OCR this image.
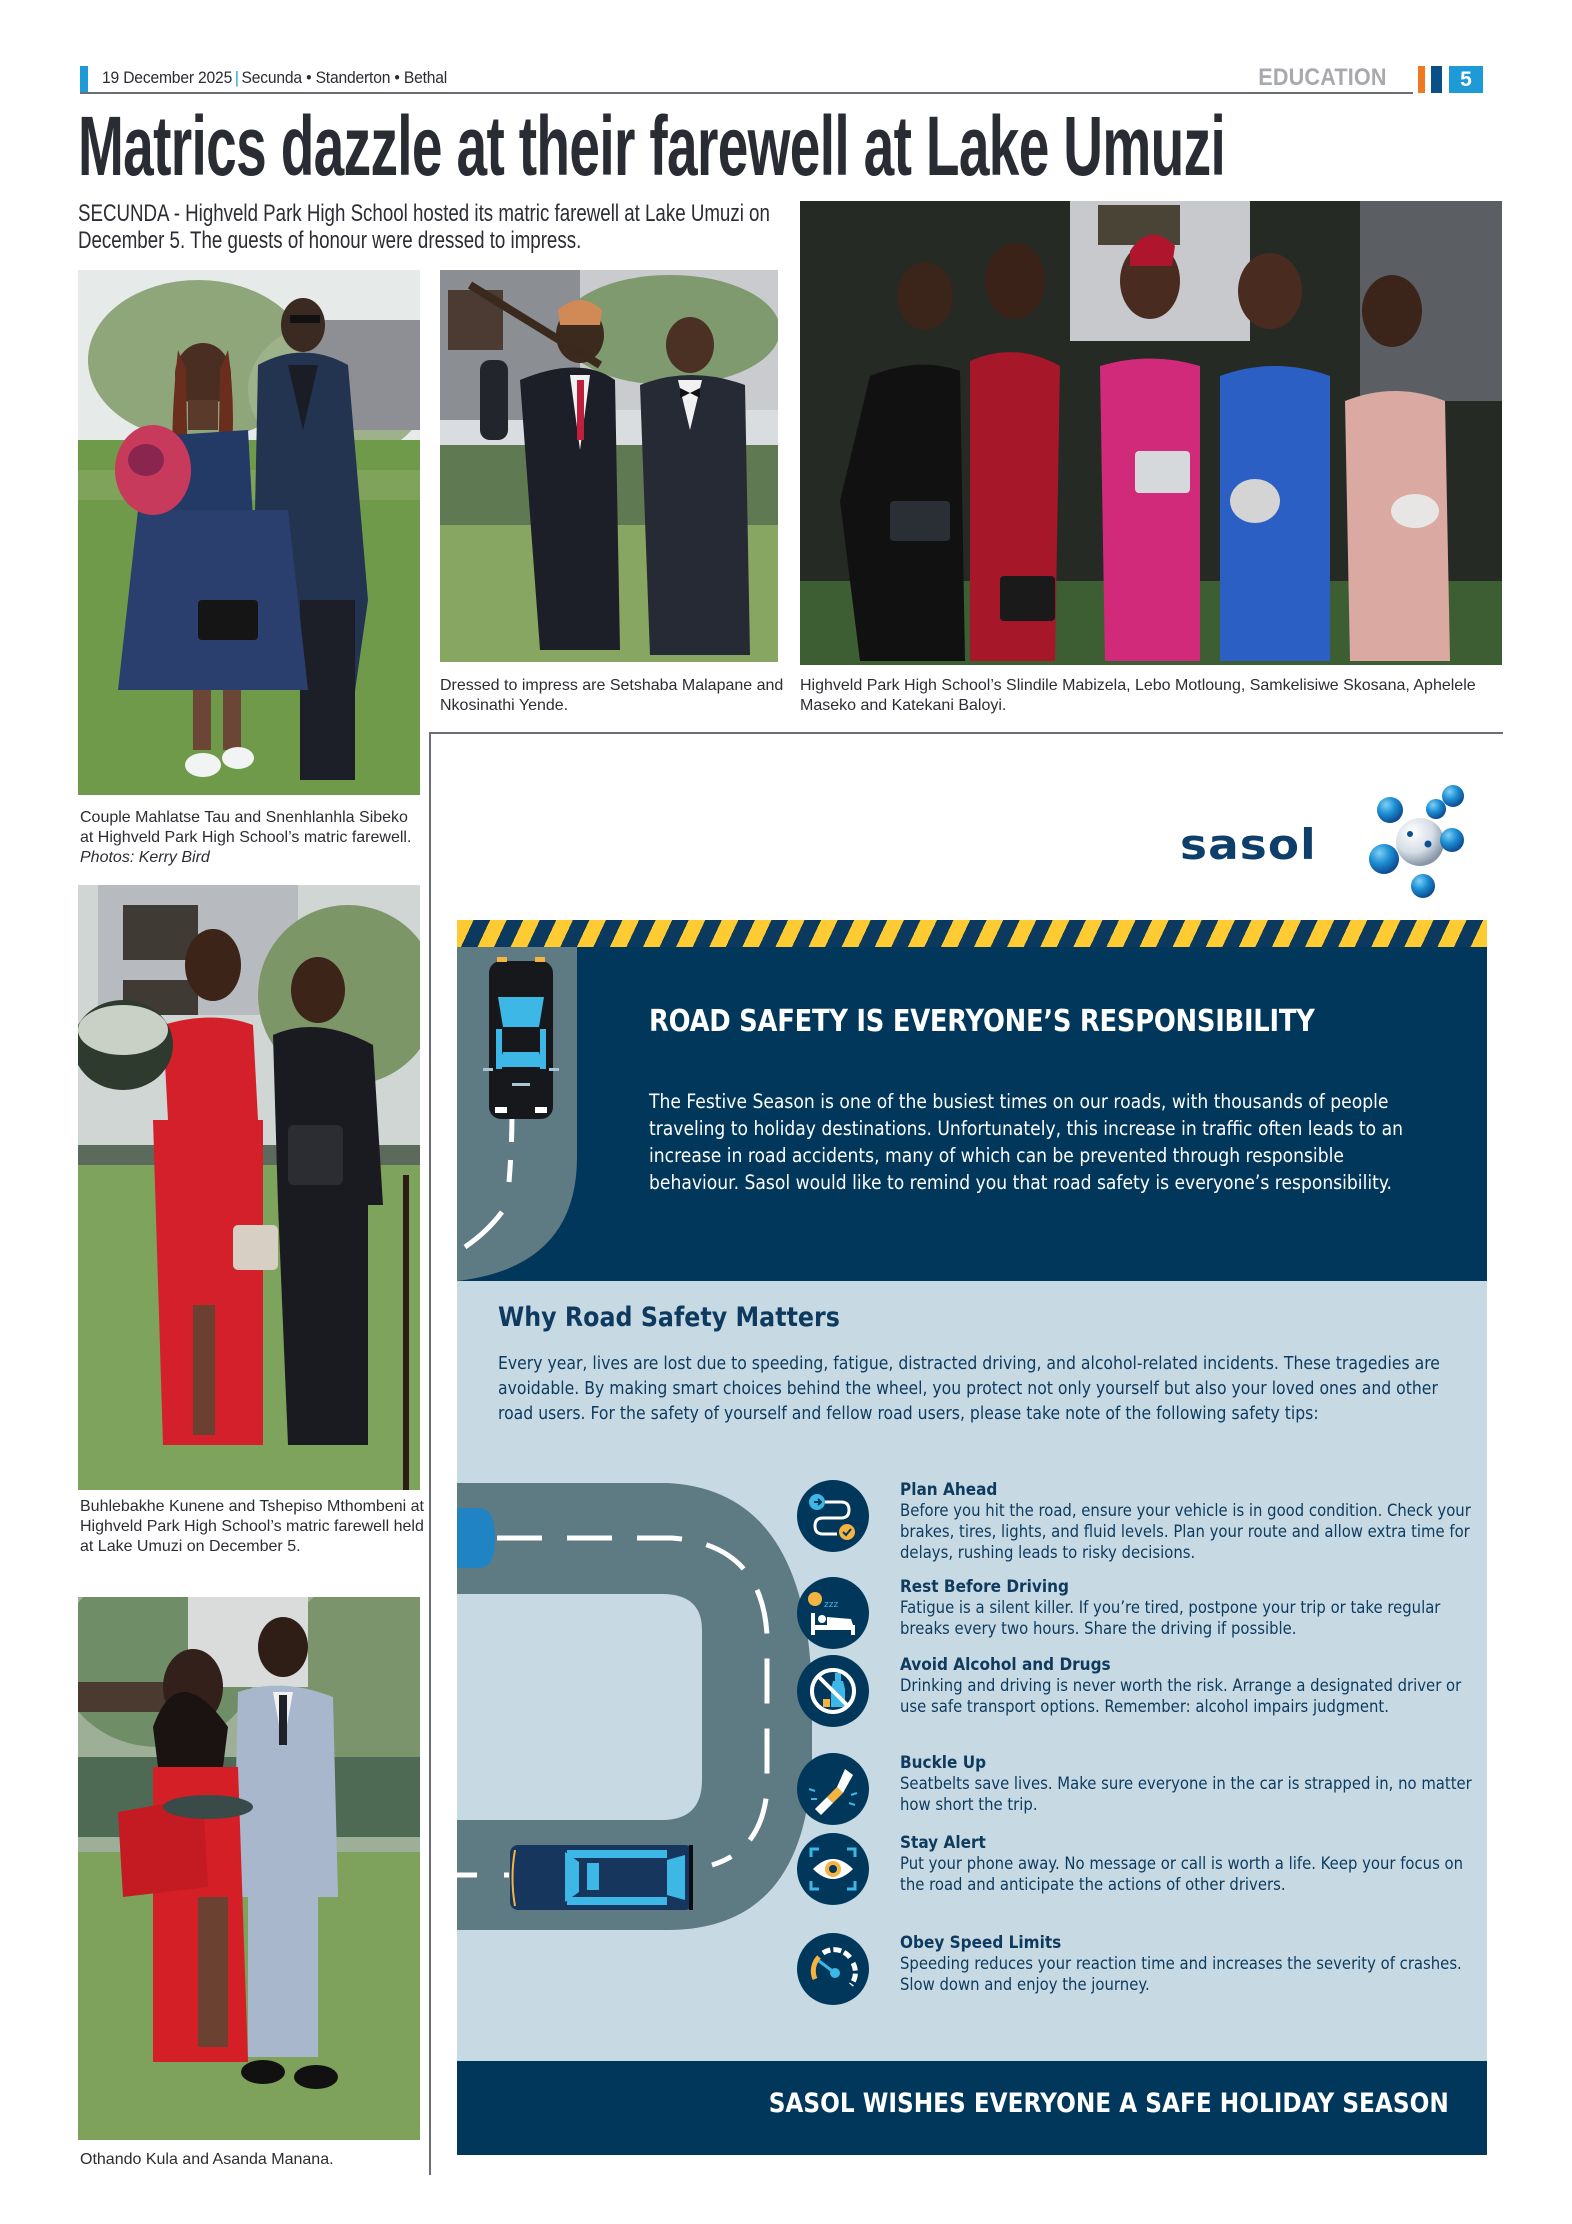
19 December 2025 | Secunda • Standerton • Bethal	EDUCATION	5
Matrics dazzle at their farewell at Lake Umuzi

SECUNDA - Highveld Park High School hosted its matric farewell at Lake Umuzi on December 5. The guests of honour were dressed to impress.

Couple Mahlatse Tau and Snenhlanhla Sibeko at Highveld Park High School’s matric farewell. Photos: Kerry Bird

Dressed to impress are Setshaba Malapane and Nkosinathi Yende.

Highveld Park High School’s Slindile Mabizela, Lebo Motloung, Samkelisiwe Skosana, Aphelele Maseko and Katekani Baloyi.

Buhlebakhe Kunene and Tshepiso Mthombeni at Highveld Park High School’s matric farewell held at Lake Umuzi on December 5.

Othando Kula and Asanda Manana.

sasol
ROAD SAFETY IS EVERYONE’S RESPONSIBILITY

The Festive Season is one of the busiest times on our roads, with thousands of people traveling to holiday destinations. Unfortunately, this increase in traffic often leads to an increase in road accidents, many of which can be prevented through responsible behaviour. Sasol would like to remind you that road safety is everyone’s responsibility.

Why Road Safety Matters

Every year, lives are lost due to speeding, fatigue, distracted driving, and alcohol-related incidents. These tragedies are avoidable. By making smart choices behind the wheel, you protect not only yourself but also your loved ones and other road users. For the safety of yourself and fellow road users, please take note of the following safety tips:

Plan Ahead
Before you hit the road, ensure your vehicle is in good condition. Check your brakes, tires, lights, and fluid levels. Plan your route and allow extra time for delays, rushing leads to risky decisions.
zzz
Rest Before Driving
Fatigue is a silent killer. If you’re tired, postpone your trip or take regular breaks every two hours. Share the driving if possible.
Avoid Alcohol and Drugs
Drinking and driving is never worth the risk. Arrange a designated driver or use safe transport options. Remember: alcohol impairs judgment.
Buckle Up
Seatbelts save lives. Make sure everyone in the car is strapped in, no matter how short the trip.
Stay Alert
Put your phone away. No message or call is worth a life. Keep your focus on the road and anticipate the actions of other drivers.
Obey Speed Limits
Speeding reduces your reaction time and increases the severity of crashes. Slow down and enjoy the journey.
SASOL WISHES EVERYONE A SAFE HOLIDAY SEASON
